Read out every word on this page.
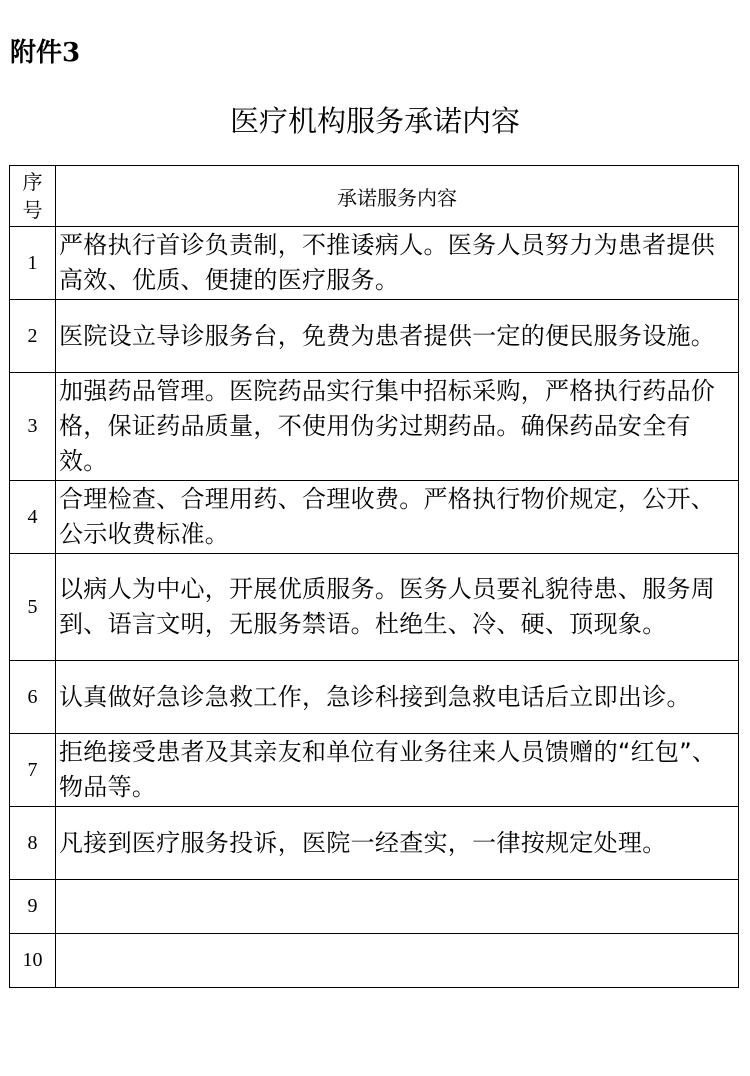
附件3
医疗机构服务承诺内容
序
号	承诺服务内容
1	严格执行首诊负责制，不推诿病人。医务人员努力为患者提供高效、优质、便捷的医疗服务。
2	医院设立导诊服务台，免费为患者提供一定的便民服务设施。
3	加强药品管理。医院药品实行集中招标采购，严格执行药品价格，保证药品质量，不使用伪劣过期药品。确保药品安全有效。
4	合理检查、合理用药、合理收费。严格执行物价规定，公开、公示收费标准。
5	以病人为中心，开展优质服务。医务人员要礼貌待患、服务周到、语言文明，无服务禁语。杜绝生、冷、硬、顶现象。
6	认真做好急诊急救工作，急诊科接到急救电话后立即出诊。
7	拒绝接受患者及其亲友和单位有业务往来人员馈赠的“红包”、物品等。
8	凡接到医疗服务投诉，医院一经查实，一律按规定处理。
9	
10	
